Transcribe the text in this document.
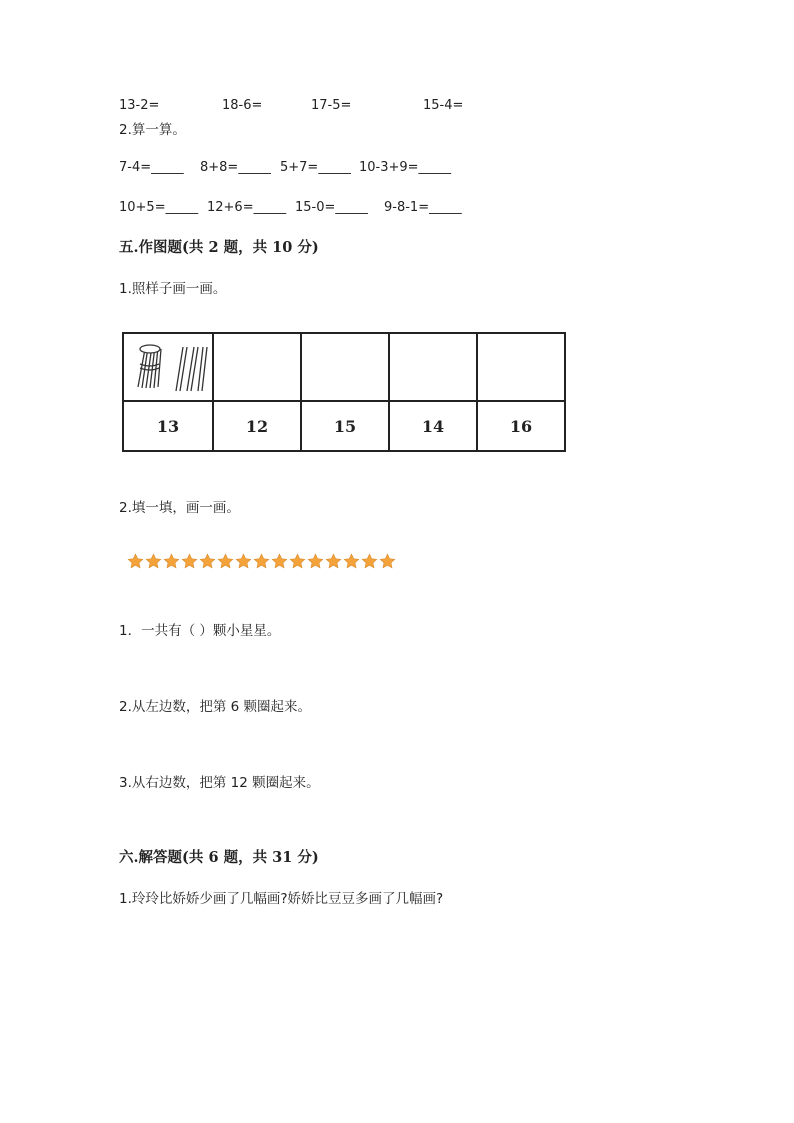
13-2=	18-6=	17-5=	15-4=
2.算一算。
7-4=_____ 8+8=_____ 5+7=_____ 10-3+9=_____
10+5=_____ 12+6=_____ 15-0=_____ 9-8-1=_____
五.作图题(共 2 题，共 10 分)
1.照样子画一画。

13	12	15	14	16
2.填一填，画一画。
1．一共有（ ）颗小星星。
2.从左边数，把第 6 颗圈起来。
3.从右边数，把第 12 颗圈起来。
六.解答题(共 6 题，共 31 分)
1.玲玲比娇娇少画了几幅画?娇娇比豆豆多画了几幅画?
